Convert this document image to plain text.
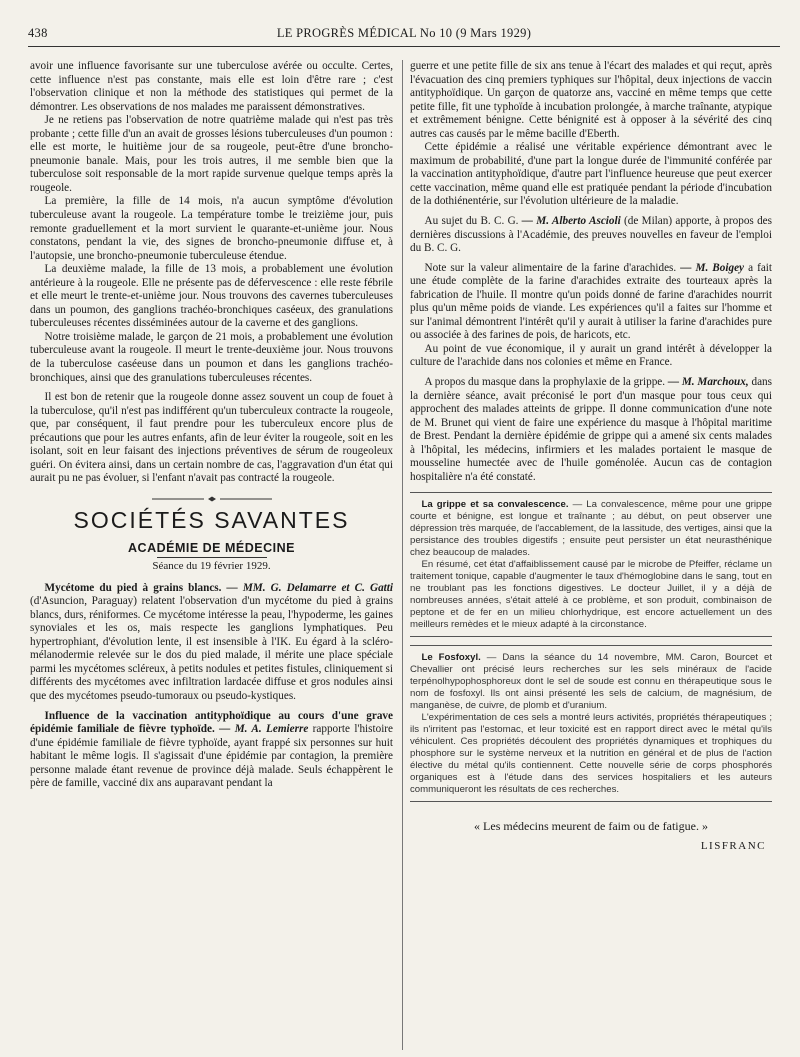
438	LE PROGRÈS MÉDICAL No 10 (9 Mars 1929)

avoir une influence favorisante sur une tuberculose avérée ou occulte. Certes, cette influence n'est pas constante, mais elle est loin d'être rare ; c'est l'observation clinique et non la méthode des statistiques qui permet de la démontrer. Les observations de nos malades me paraissent démonstratives.

Je ne retiens pas l'observation de notre quatrième malade qui n'est pas très probante ; cette fille d'un an avait de grosses lésions tuberculeuses d'un poumon : elle est morte, le huitième jour de sa rougeole, peut-être d'une broncho-pneumonie banale. Mais, pour les trois autres, il me semble bien que la tuberculose soit responsable de la mort rapide survenue quelque temps après la rougeole.

La première, la fille de 14 mois, n'a aucun symptôme d'évolution tuberculeuse avant la rougeole. La température tombe le treizième jour, puis remonte graduellement et la mort survient le quarante-et-unième jour. Nous constatons, pendant la vie, des signes de broncho-pneumonie diffuse et, à l'autopsie, une broncho-pneumonie tuberculeuse étendue.

La deuxième malade, la fille de 13 mois, a probablement une évolution antérieure à la rougeole. Elle ne présente pas de défervescence : elle reste fébrile et elle meurt le trente-et-unième jour. Nous trouvons des cavernes tuberculeuses dans un poumon, des ganglions trachéo-bronchiques caséeux, des granulations tuberculeuses récentes disséminées autour de la caverne et des ganglions.

Notre troisième malade, le garçon de 21 mois, a probablement une évolution tuberculeuse avant la rougeole. Il meurt le trente-deuxième jour. Nous trouvons de la tuberculose caséeuse dans un poumon et dans les ganglions trachéo-bronchiques, ainsi que des granulations tuberculeuses récentes.

Il est bon de retenir que la rougeole donne assez souvent un coup de fouet à la tuberculose, qu'il n'est pas indifférent qu'un tuberculeux contracte la rougeole, que, par conséquent, il faut prendre pour les tuberculeux encore plus de précautions que pour les autres enfants, afin de leur éviter la rougeole, soit en les isolant, soit en leur faisant des injections préventives de sérum de rougeoleux guéri. On évitera ainsi, dans un certain nombre de cas, l'aggravation d'un état qui aurait pu ne pas évoluer, si l'enfant n'avait pas contracté la rougeole.

SOCIÉTÉS SAVANTES
ACADÉMIE DE MÉDECINE
Séance du 19 février 1929.

Mycétome du pied à grains blancs. — MM. G. Delamarre et C. Gatti (d'Asuncion, Paraguay) relatent l'observation d'un mycétome du pied à grains blancs, durs, réniformes. Ce mycétome intéresse la peau, l'hypoderme, les gaines synoviales et les os, mais respecte les ganglions lymphatiques. Peu hypertrophiant, d'évolution lente, il est insensible à l'IK. Eu égard à la scléro-mélanodermie relevée sur le dos du pied malade, il mérite une place spéciale parmi les mycétomes scléreux, à petits nodules et petites fistules, cliniquement si différents des mycétomes avec infiltration lardacée diffuse et gros nodules ainsi que des mycétomes pseudo-tumoraux ou pseudo-kystiques.

Influence de la vaccination antityphoïdique au cours d'une grave épidémie familiale de fièvre typhoïde. — M. A. Lemierre rapporte l'histoire d'une épidémie familiale de fièvre typhoïde, ayant frappé six personnes sur huit habitant le même logis. Il s'agissait d'une épidémie par contagion, la première personne malade étant revenue de province déjà malade. Seuls échappèrent le père de famille, vacciné dix ans auparavant pendant la

guerre et une petite fille de six ans tenue à l'écart des malades et qui reçut, après l'évacuation des cinq premiers typhiques sur l'hôpital, deux injections de vaccin antityphoïdique. Un garçon de quatorze ans, vacciné en même temps que cette petite fille, fit une typhoïde à incubation prolongée, à marche traînante, atypique et extrêmement bénigne. Cette bénignité est à opposer à la sévérité des cinq autres cas causés par le même bacille d'Eberth.

Cette épidémie a réalisé une véritable expérience démontrant avec le maximum de probabilité, d'une part la longue durée de l'immunité conférée par la vaccination antityphoïdique, d'autre part l'influence heureuse que peut exercer cette vaccination, même quand elle est pratiquée pendant la période d'incubation de la dothiénentérie, sur l'évolution ultérieure de la maladie.

Au sujet du B. C. G. — M. Alberto Ascioli (de Milan) apporte, à propos des dernières discussions à l'Académie, des preuves nouvelles en faveur de l'emploi du B. C. G.

Note sur la valeur alimentaire de la farine d'arachides. — M. Boigey a fait une étude complète de la farine d'arachides extraite des tourteaux après la fabrication de l'huile. Il montre qu'un poids donné de farine d'arachides nourrit plus qu'un même poids de viande. Les expériences qu'il a faites sur l'homme et sur l'animal démontrent l'intérêt qu'il y aurait à utiliser la farine d'arachides pure ou associée à des farines de pois, de haricots, etc.

Au point de vue économique, il y aurait un grand intérêt à développer la culture de l'arachide dans nos colonies et même en France.

A propos du masque dans la prophylaxie de la grippe. — M. Marchoux, dans la dernière séance, avait préconisé le port d'un masque pour tous ceux qui approchent des malades atteints de grippe. Il donne communication d'une note de M. Brunet qui vient de faire une expérience du masque à l'hôpital maritime de Brest. Pendant la dernière épidémie de grippe qui a amené six cents malades à l'hôpital, les médecins, infirmiers et les malades portaient le masque de mousseline humectée avec de l'huile goménolée. Aucun cas de contagion hospitalière n'a été constaté.

La grippe et sa convalescence. — La convalescence, même pour une grippe courte et bénigne, est longue et traînante ; au début, on peut observer une dépression très marquée, de l'accablement, de la lassitude, des vertiges, ainsi que la persistance des troubles digestifs ; ensuite peut persister un état neurasthénique chez beaucoup de malades.

En résumé, cet état d'affaiblissement causé par le microbe de Pfeiffer, réclame un traitement tonique, capable d'augmenter le taux d'hémoglobine dans le sang, tout en ne troublant pas les fonctions digestives. Le docteur Juillet, il y a déjà de nombreuses années, s'était attelé à ce problème, et son produit, combinaison de peptone et de fer en un milieu chlorhydrique, est encore actuellement un des meilleurs remèdes et le mieux adapté à la circonstance.

Le Fosfoxyl. — Dans la séance du 14 novembre, MM. Caron, Bourcet et Chevallier ont précisé leurs recherches sur les sels minéraux de l'acide terpénolhypophosphoreux dont le sel de soude est connu en thérapeutique sous le nom de fosfoxyl. Ils ont ainsi présenté les sels de calcium, de magnésium, de manganèse, de cuivre, de plomb et d'uranium.

L'expérimentation de ces sels a montré leurs activités, propriétés thérapeutiques ; ils n'irritent pas l'estomac, et leur toxicité est en rapport direct avec le métal qu'ils véhiculent. Ces propriétés découlent des propriétés dynamiques et trophiques du phosphore sur le système nerveux et la nutrition en général et de plus de l'action élective du métal qu'ils contiennent. Cette nouvelle série de corps phosphorés organiques est à l'étude dans des services hospitaliers et les auteurs communiqueront les résultats de ces recherches.

« Les médecins meurent de faim ou de fatigue. »
LISFRANC
